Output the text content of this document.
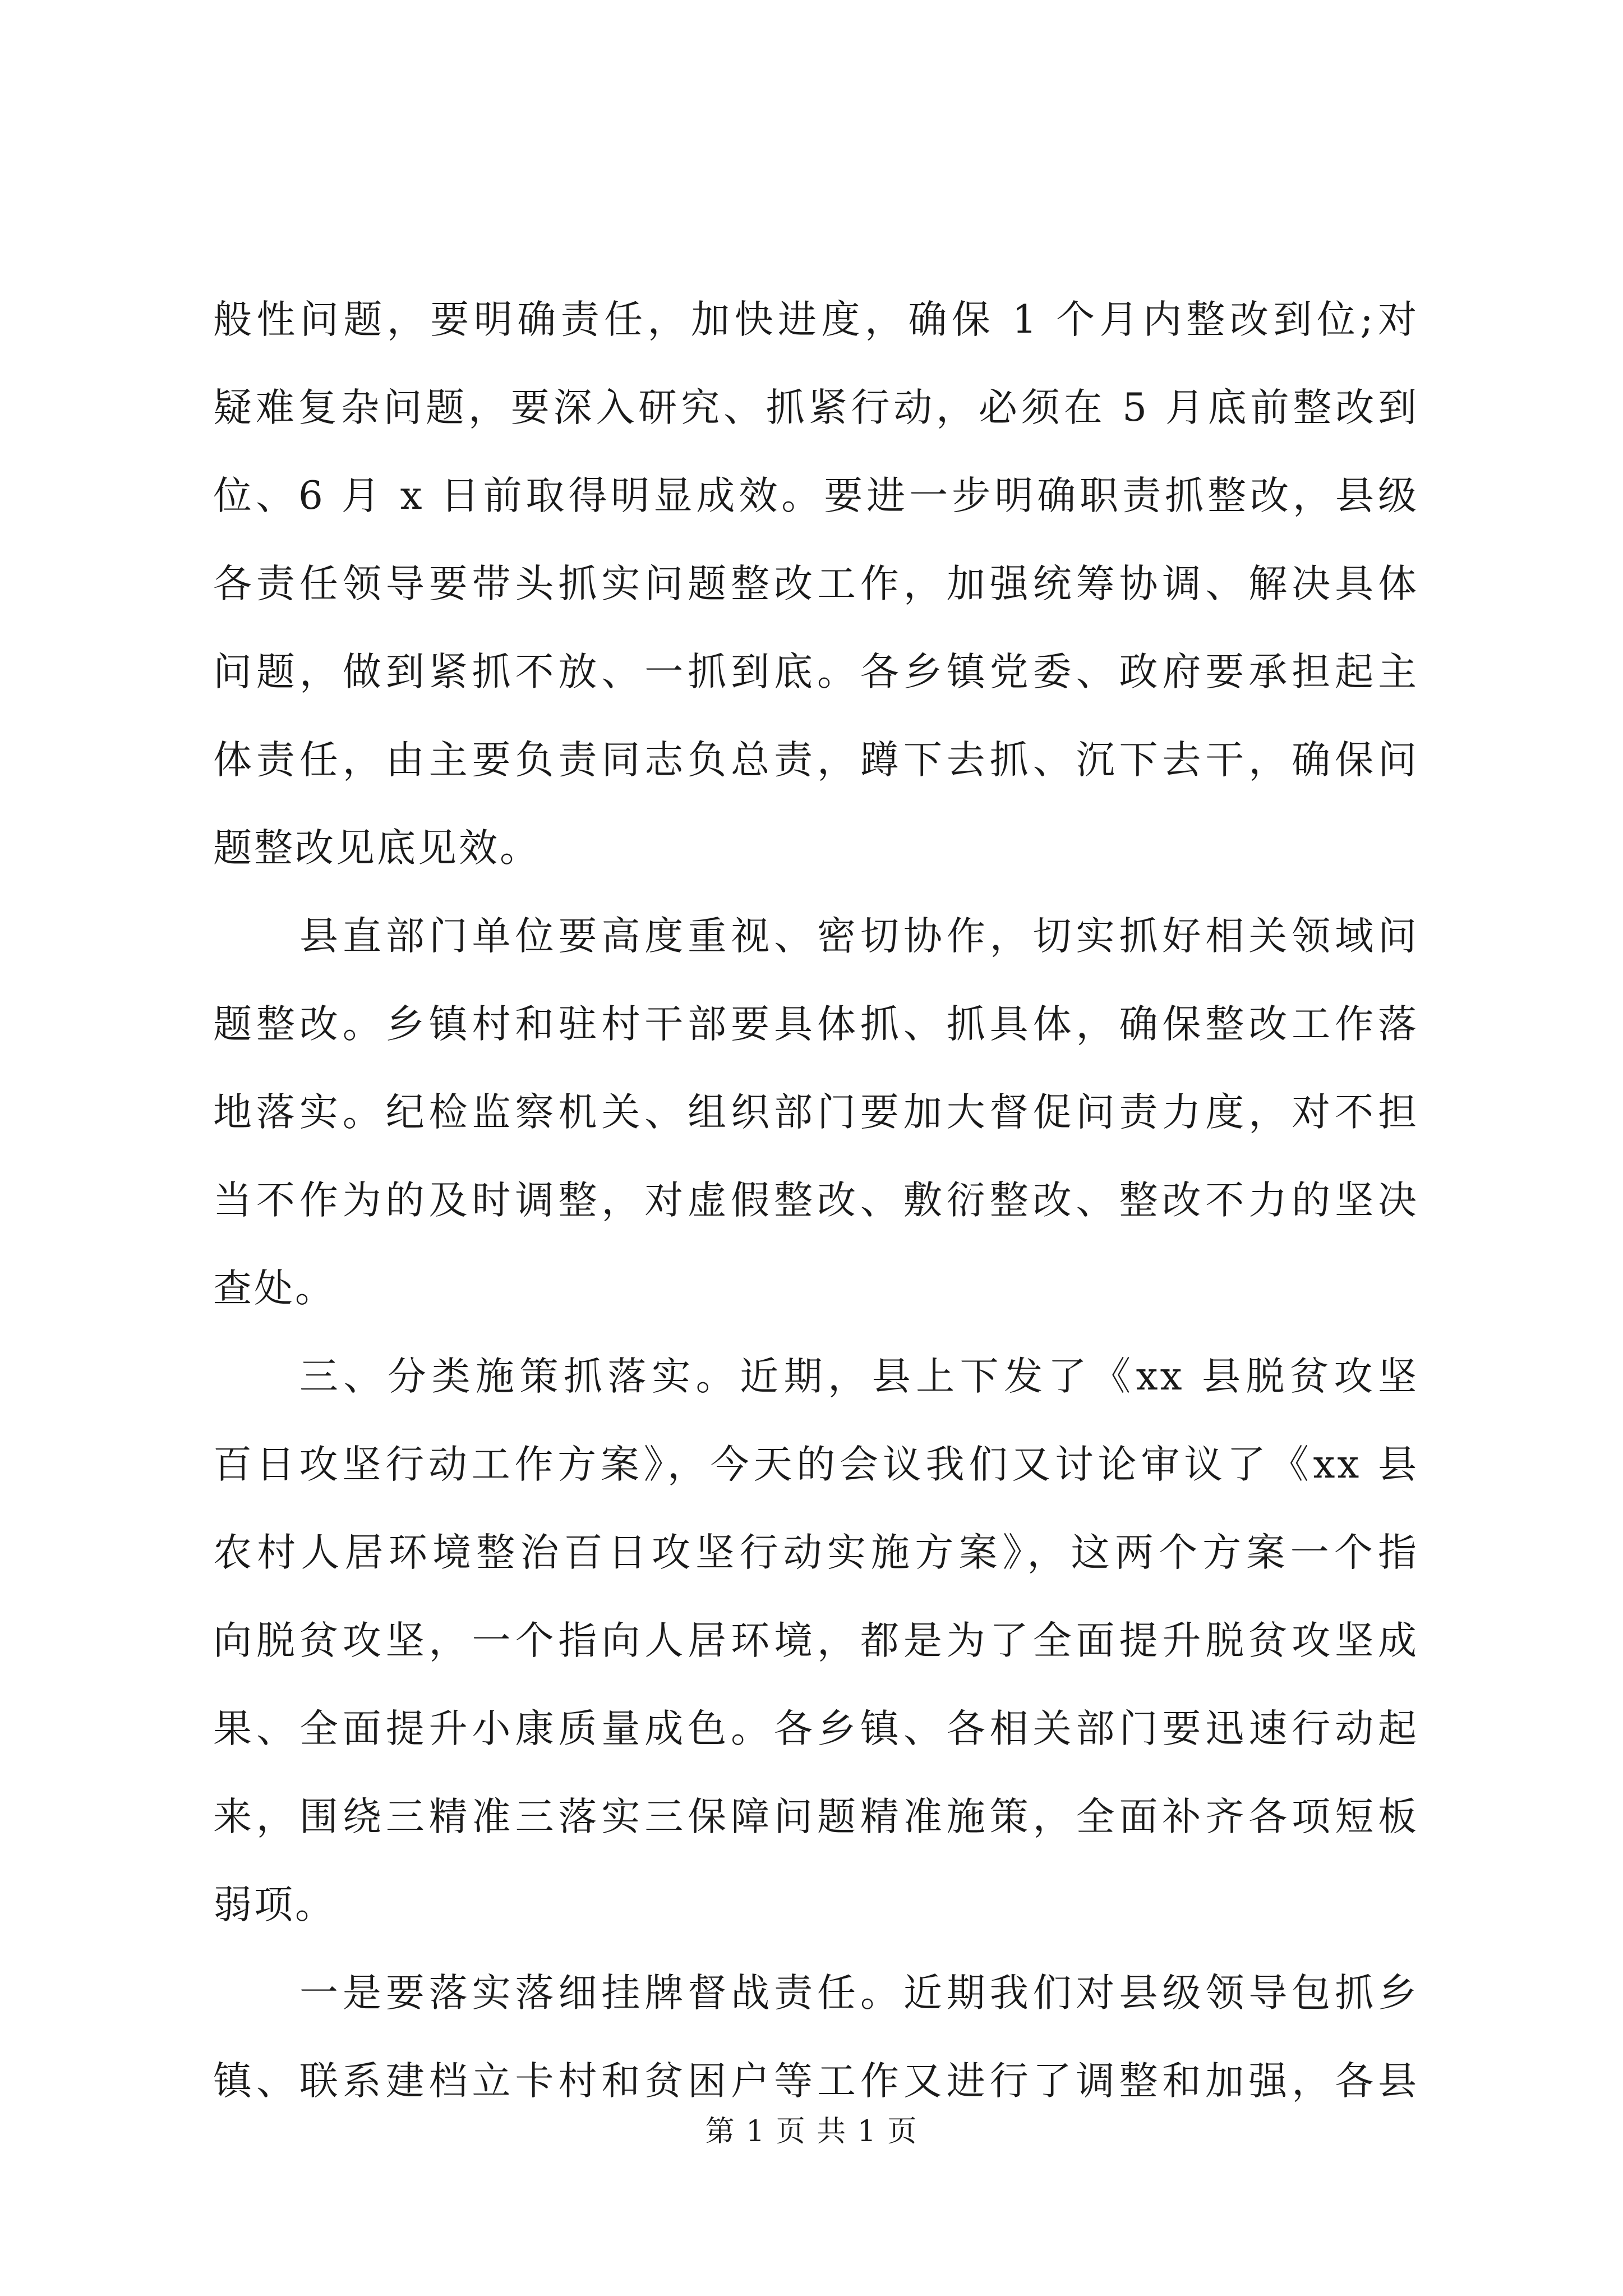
般性问题，要明确责任，加快进度，确保 1 个月内整改到位;对
疑难复杂问题，要深入研究、抓紧行动，必须在 5 月底前整改到
位、6 月 x 日前取得明显成效。要进一步明确职责抓整改，县级
各责任领导要带头抓实问题整改工作，加强统筹协调、解决具体
问题，做到紧抓不放、一抓到底。各乡镇党委、政府要承担起主
体责任，由主要负责同志负总责，蹲下去抓、沉下去干，确保问
题整改见底见效。
县直部门单位要高度重视、密切协作，切实抓好相关领域问
题整改。乡镇村和驻村干部要具体抓、抓具体，确保整改工作落
地落实。纪检监察机关、组织部门要加大督促问责力度，对不担
当不作为的及时调整，对虚假整改、敷衍整改、整改不力的坚决
查处。
三、分类施策抓落实。近期，县上下发了《xx 县脱贫攻坚
百日攻坚行动工作方案》，今天的会议我们又讨论审议了《xx 县
农村人居环境整治百日攻坚行动实施方案》，这两个方案一个指
向脱贫攻坚，一个指向人居环境，都是为了全面提升脱贫攻坚成
果、全面提升小康质量成色。各乡镇、各相关部门要迅速行动起
来，围绕三精准三落实三保障问题精准施策，全面补齐各项短板
弱项。
一是要落实落细挂牌督战责任。近期我们对县级领导包抓乡
镇、联系建档立卡村和贫困户等工作又进行了调整和加强，各县
第 1 页 共 1 页
